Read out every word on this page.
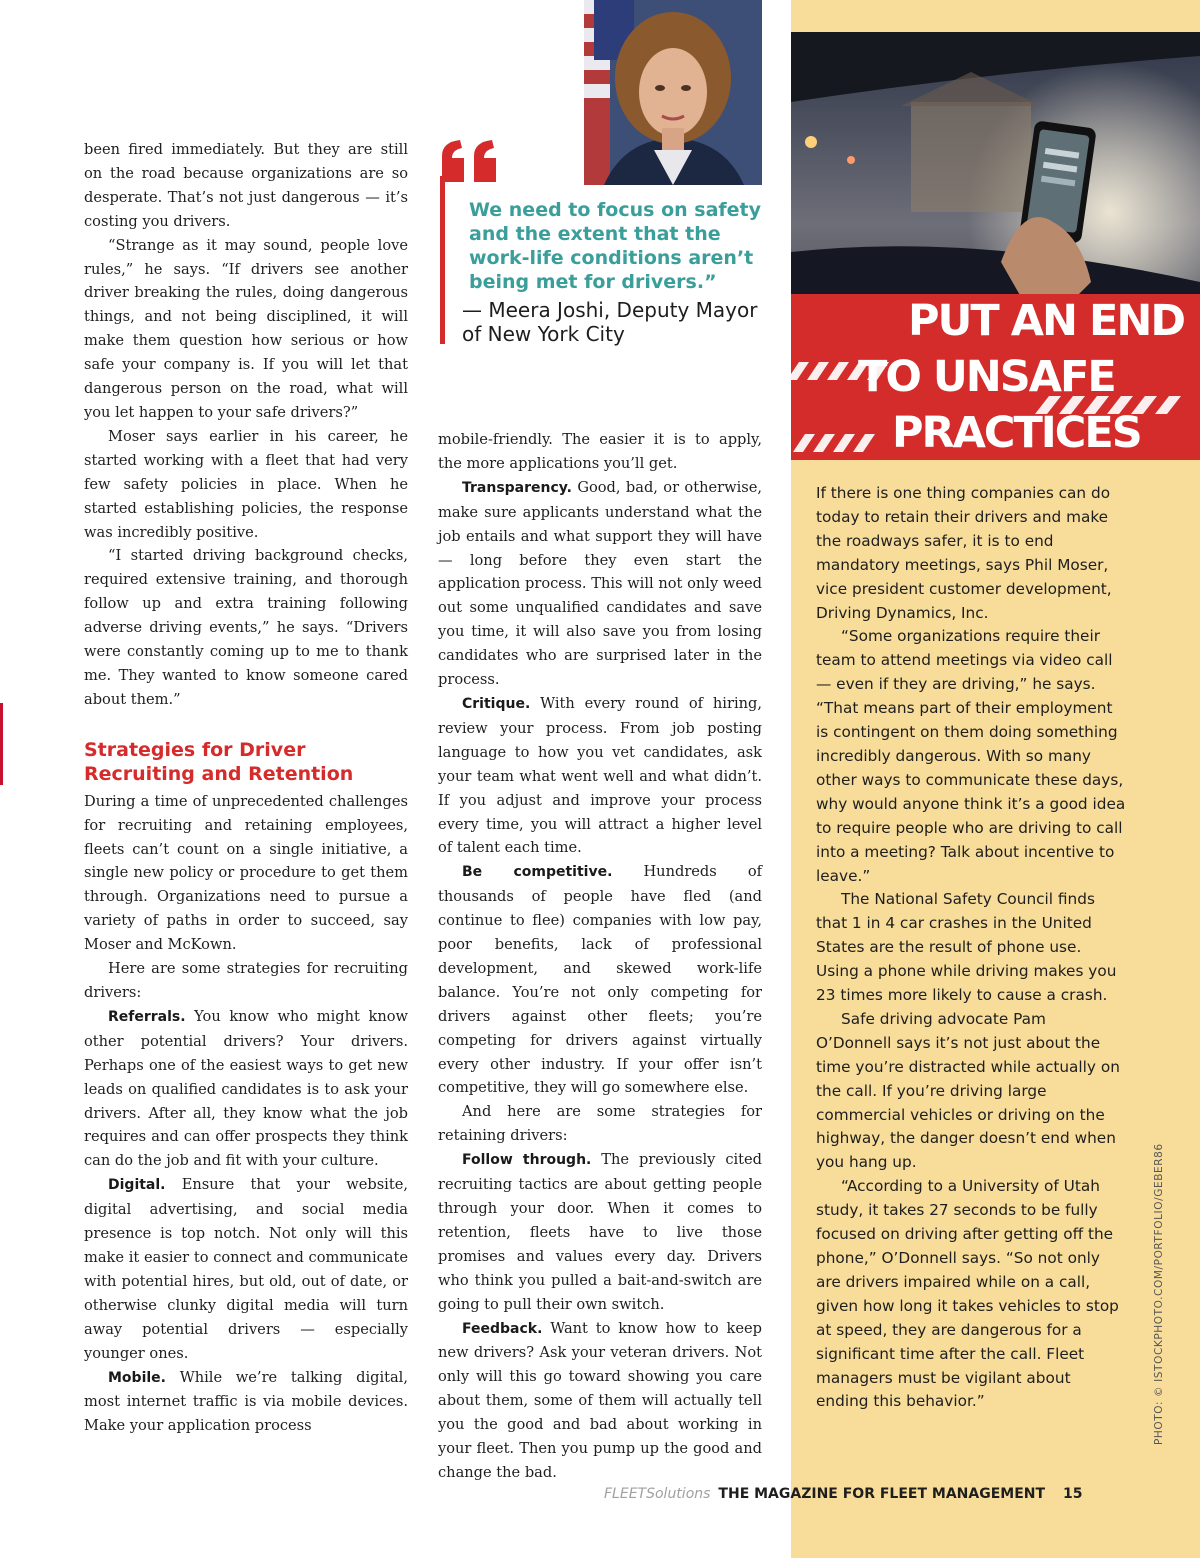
been fired immediately. But they are still on the road because organizations are so desperate. That’s not just dangerous — it’s costing you drivers.

“Strange as it may sound, people love rules,” he says. “If drivers see another driver breaking the rules, doing dangerous things, and not being disciplined, it will make them question how serious or how safe your company is. If you will let that dangerous person on the road, what will you let happen to your safe drivers?”

Moser says earlier in his career, he started working with a fleet that had very few safety policies in place. When he started establishing policies, the response was incredibly positive.

“I started driving background checks, required extensive training, and thorough follow up and extra training following adverse driving events,” he says. “Drivers were constantly coming up to me to thank me. They wanted to know someone cared about them.”

Strategies for Driver Recruiting and Retention

During a time of unprecedented challenges for recruiting and retaining employees, fleets can’t count on a single initiative, a single new policy or procedure to get them through. Organizations need to pursue a variety of paths in order to succeed, say Moser and McKown.

Here are some strategies for recruiting drivers:

Referrals. You know who might know other potential drivers? Your drivers. Perhaps one of the easiest ways to get new leads on qualified candidates is to ask your drivers. After all, they know what the job requires and can offer prospects they think can do the job and fit with your culture.

Digital. Ensure that your website, digital advertising, and social media presence is top notch. Not only will this make it easier to connect and communicate with potential hires, but old, out of date, or otherwise clunky digital media will turn away potential drivers — especially younger ones.

Mobile. While we’re talking digital, most internet traffic is via mobile devices. Make your application process

We need to focus on safety and the extent that the work-life conditions aren’t being met for drivers.”
— Meera Joshi, Deputy Mayor of New York City

mobile-friendly. The easier it is to apply, the more applications you’ll get.

Transparency. Good, bad, or otherwise, make sure applicants understand what the job entails and what support they will have — long before they even start the application process. This will not only weed out some unqualified candidates and save you time, it will also save you from losing candidates who are surprised later in the process.

Critique. With every round of hiring, review your process. From job posting language to how you vet candidates, ask your team what went well and what didn’t. If you adjust and improve your process every time, you will attract a higher level of talent each time.

Be competitive. Hundreds of thousands of people have fled (and continue to flee) companies with low pay, poor benefits, lack of professional development, and skewed work-life balance. You’re not only competing for drivers against other fleets; you’re competing for drivers against virtually every other industry. If your offer isn’t competitive, they will go somewhere else.

And here are some strategies for retaining drivers:

Follow through. The previously cited recruiting tactics are about getting people through your door. When it comes to retention, fleets have to live those promises and values every day. Drivers who think you pulled a bait-and-switch are going to pull their own switch.

Feedback. Want to know how to keep new drivers? Ask your veteran drivers. Not only will this go toward showing you care about them, some of them will actually tell you the good and bad about working in your fleet. Then you pump up the good and change the bad.

PUT AN END
TO UNSAFE
PRACTICES

If there is one thing companies can do today to retain their drivers and make the roadways safer, it is to end mandatory meetings, says Phil Moser, vice president customer development, Driving Dynamics, Inc.

“Some organizations require their team to attend meetings via video call — even if they are driving,” he says. “That means part of their employment is contingent on them doing something incredibly dangerous. With so many other ways to communicate these days, why would anyone think it’s a good idea to require people who are driving to call into a meeting? Talk about incentive to leave.”

The National Safety Council finds that 1 in 4 car crashes in the United States are the result of phone use. Using a phone while driving makes you 23 times more likely to cause a crash.

Safe driving advocate Pam O’Donnell says it’s not just about the time you’re distracted while actually on the call. If you’re driving large commercial vehicles or driving on the highway, the danger doesn’t end when you hang up.

“According to a University of Utah study, it takes 27 seconds to be fully focused on driving after getting off the phone,” O’Donnell says. “So not only are drivers impaired while on a call, given how long it takes vehicles to stop at speed, they are dangerous for a significant time after the call. Fleet managers must be vigilant about ending this behavior.”	PHOTO: © ISTOCKPHOTO.COM/PORTFOLIO/GEBER86
FLEETSolutions THE MAGAZINE FOR FLEET MANAGEMENT 15
